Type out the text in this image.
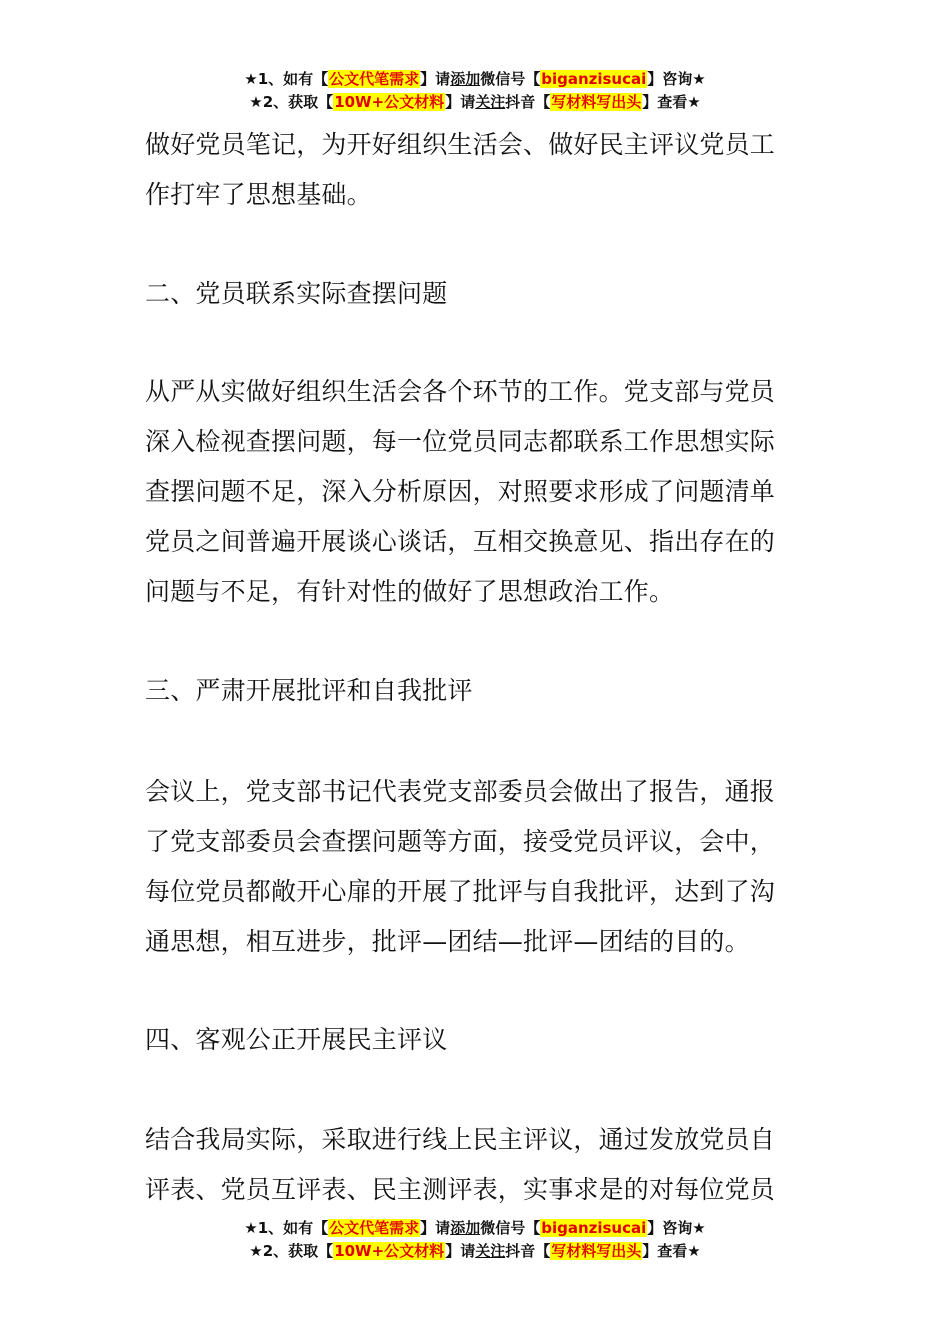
★1、如有【公文代笔需求】请添加微信号【biganzisucai】咨询★
★2、获取【10W+公文材料】请关注抖音【写材料写出头】查看★
做好党员笔记，为开好组织生活会、做好民主评议党员工
作打牢了思想基础。
二、党员联系实际查摆问题
从严从实做好组织生活会各个环节的工作。党支部与党员
深入检视查摆问题，每一位党员同志都联系工作思想实际
查摆问题不足，深入分析原因，对照要求形成了问题清单
党员之间普遍开展谈心谈话，互相交换意见、指出存在的
问题与不足，有针对性的做好了思想政治工作。
三、严肃开展批评和自我批评
会议上，党支部书记代表党支部委员会做出了报告，通报
了党支部委员会查摆问题等方面，接受党员评议，会中，
每位党员都敞开心扉的开展了批评与自我批评，达到了沟
通思想，相互进步，批评—团结—批评—团结的目的。
四、客观公正开展民主评议
结合我局实际，采取进行线上民主评议，通过发放党员自
评表、党员互评表、民主测评表，实事求是的对每位党员
★1、如有【公文代笔需求】请添加微信号【biganzisucai】咨询★
★2、获取【10W+公文材料】请关注抖音【写材料写出头】查看★
